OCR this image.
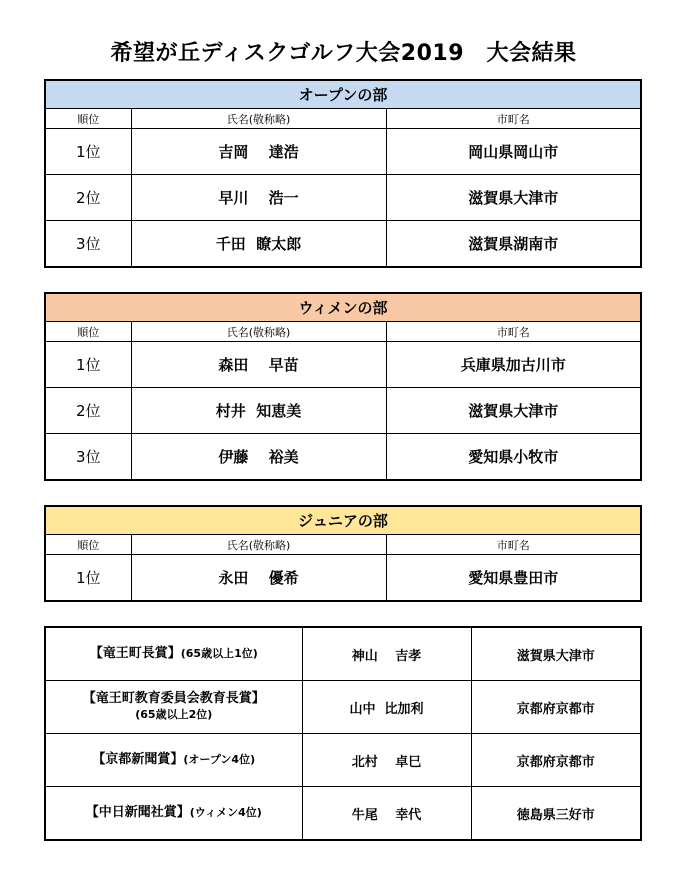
希望が丘ディスクゴルフ大会2019　大会結果
オープンの部		
順位	氏名(敬称略)	市町名
1位	吉岡　 達浩	岡山県岡山市
2位	早川　 浩一	滋賀県大津市
3位	千田  瞭太郎	滋賀県湖南市
ウィメンの部		
順位	氏名(敬称略)	市町名
1位	森田　 早苗	兵庫県加古川市
2位	村井  知恵美	滋賀県大津市
3位	伊藤　 裕美	愛知県小牧市
ジュニアの部		
順位	氏名(敬称略)	市町名
1位	永田　 優希	愛知県豊田市
【竜王町長賞】(65歳以上1位)	神山　 吉孝	滋賀県大津市
【竜王町教育委員会教育長賞】
(65歳以上2位)	山中  比加利	京都府京都市
【京都新聞賞】(オープン4位)	北村　 卓巳	京都府京都市
【中日新聞社賞】(ウィメン4位)	牛尾　 幸代	徳島県三好市
